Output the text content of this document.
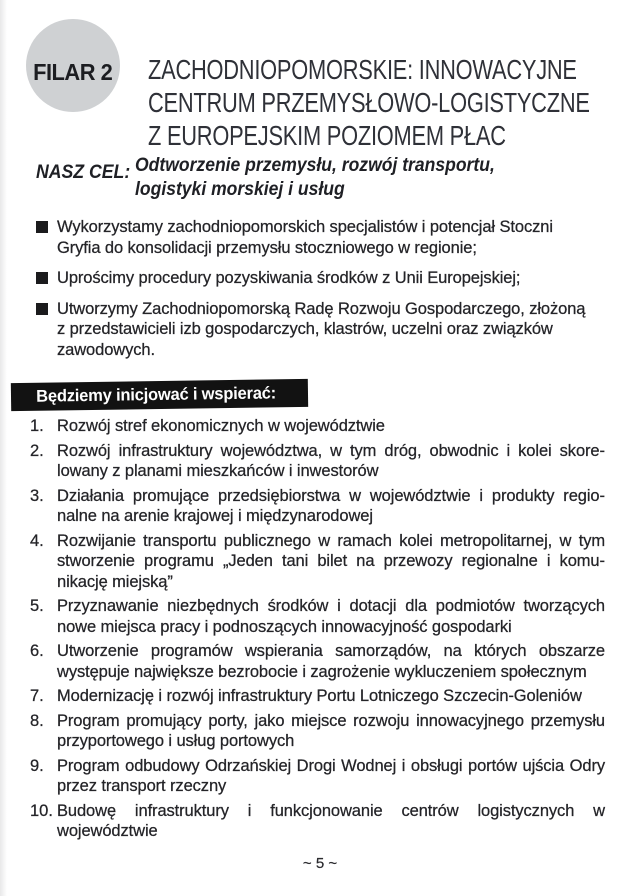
FILAR 2 ZACHODNIOPOMORSKIE: INNOWACYJNE
CENTRUM PRZEMYSŁOWO-LOGISTYCZNE
Z EUROPEJSKIM POZIOMEM PŁAC
NASZ CEL: Odtworzenie przemysłu, rozwój transportu,
logistyki morskiej i usług
Wykorzystamy zachodniopomorskich specjalistów i potencjał Stoczni Gryfia do konsolidacji przemysłu stoczniowego w regionie;
Uprościmy procedury pozyskiwania środków z Unii Europejskiej;
Utworzymy Zachodniopomorską Radę Rozwoju Gospodarczego, złożoną z przedstawicieli izb gospodarczych, klastrów, uczelni oraz związków zawodowych.
Będziemy inicjować i wspierać:
1. Rozwój stref ekonomicznych w województwie
2. Rozwój infrastruktury województwa, w tym dróg, obwodnic i kolei skorelowany z planami mieszkańców i inwestorów
3. Działania promujące przedsiębiorstwa w województwie i produkty regionalne na arenie krajowej i międzynarodowej
4. Rozwijanie transportu publicznego w ramach kolei metropolitarnej, w tym stworzenie programu „Jeden tani bilet na przewozy regionalne i komunikację miejską”
5. Przyznawanie niezbędnych środków i dotacji dla podmiotów tworzących nowe miejsca pracy i podnoszących innowacyjność gospodarki
6. Utworzenie programów wspierania samorządów, na których obszarze występuje największe bezrobocie i zagrożenie wykluczeniem społecznym
7. Modernizację i rozwój infrastruktury Portu Lotniczego Szczecin-Goleniów
8. Program promujący porty, jako miejsce rozwoju innowacyjnego przemysłu przyportowego i usług portowych
9. Program odbudowy Odrzańskiej Drogi Wodnej i obsługi portów ujścia Odry przez transport rzeczny
10. Budowę infrastruktury i funkcjonowanie centrów logistycznych w województwie
~ 5 ~
